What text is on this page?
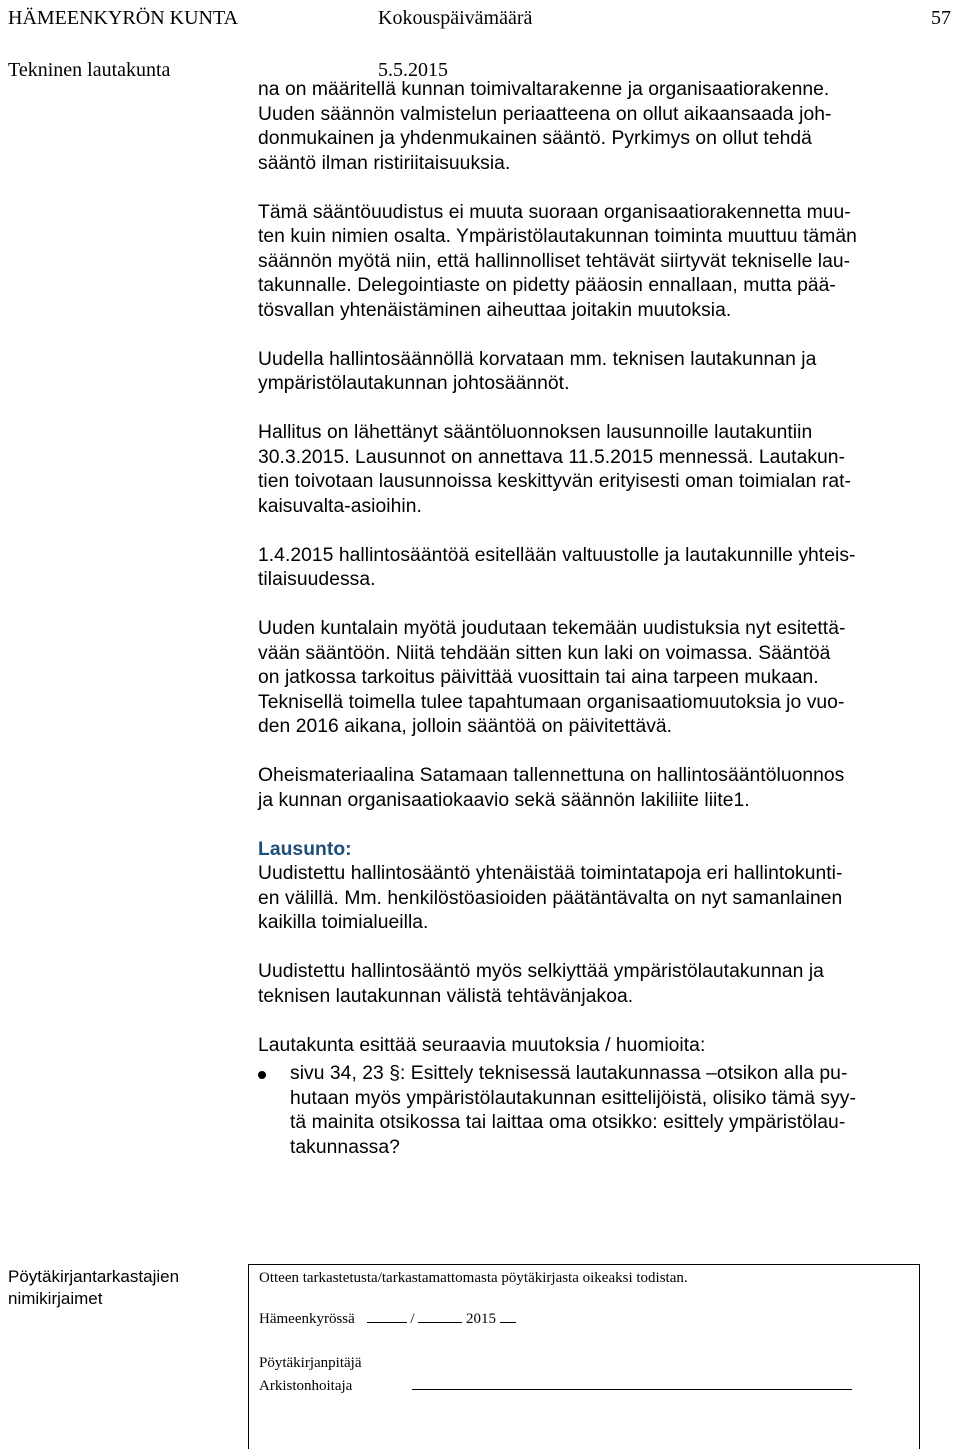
HÄMEENKYRÖN KUNTA	Kokouspäivämäärä	57
Tekninen lautakunta	5.5.2015

na on määritellä kunnan toimivaltarakenne ja organisaatiorakenne.
Uuden säännön valmistelun periaatteena on ollut aikaansaada joh-
donmukainen ja yhdenmukainen sääntö. Pyrkimys on ollut tehdä
sääntö ilman ristiriitaisuuksia.

Tämä sääntöuudistus ei muuta suoraan organisaatiorakennetta muu-
ten kuin nimien osalta. Ympäristölautakunnan toiminta muuttuu tämän
säännön myötä niin, että hallinnolliset tehtävät siirtyvät tekniselle lau-
takunnalle. Delegointiaste on pidetty pääosin ennallaan, mutta pää-
tösvallan yhtenäistäminen aiheuttaa joitakin muutoksia.

Uudella hallintosäännöllä korvataan mm. teknisen lautakunnan ja
ympäristölautakunnan johtosäännöt.

Hallitus on lähettänyt sääntöluonnoksen lausunnoille lautakuntiin
30.3.2015. Lausunnot on annettava 11.5.2015 mennessä. Lautakun-
tien toivotaan lausunnoissa keskittyvän erityisesti oman toimialan rat-
kaisuvalta-asioihin.

1.4.2015 hallintosääntöä esitellään valtuustolle ja lautakunnille yhteis-
tilaisuudessa.

Uuden kuntalain myötä joudutaan tekemään uudistuksia nyt esitettä-
vään sääntöön. Niitä tehdään sitten kun laki on voimassa. Sääntöä
on jatkossa tarkoitus päivittää vuosittain tai aina tarpeen mukaan.
Teknisellä toimella tulee tapahtumaan organisaatiomuutoksia jo vuo-
den 2016 aikana, jolloin sääntöä on päivitettävä.

Oheismateriaalina Satamaan tallennettuna on hallintosääntöluonnos
ja kunnan organisaatiokaavio sekä säännön lakiliite liite1.

Lausunto:

Uudistettu hallintosääntö yhtenäistää toimintatapoja eri hallintokunti-
en välillä. Mm. henkilöstöasioiden päätäntävalta on nyt samanlainen
kaikilla toimialueilla.

Uudistettu hallintosääntö myös selkiyttää ympäristölautakunnan ja
teknisen lautakunnan välistä tehtävänjakoa.

Lautakunta esittää seuraavia muutoksia / huomioita:

sivu 34, 23 §: Esittely teknisessä lautakunnassa –otsikon alla pu-
hutaan myös ympäristölautakunnan esittelijöistä, olisiko tämä syy-
tä mainita otsikossa tai laittaa oma otsikko: esittely ympäristölau-
takunnassa?
Pöytäkirjantarkastajien
nimikirjaimet
Otteen tarkastetusta/tarkastamattomasta pöytäkirjasta oikeaksi todistan.
Hämeenkyrössä	/	2015
Pöytäkirjanpitäjä
Arkistonhoitaja
